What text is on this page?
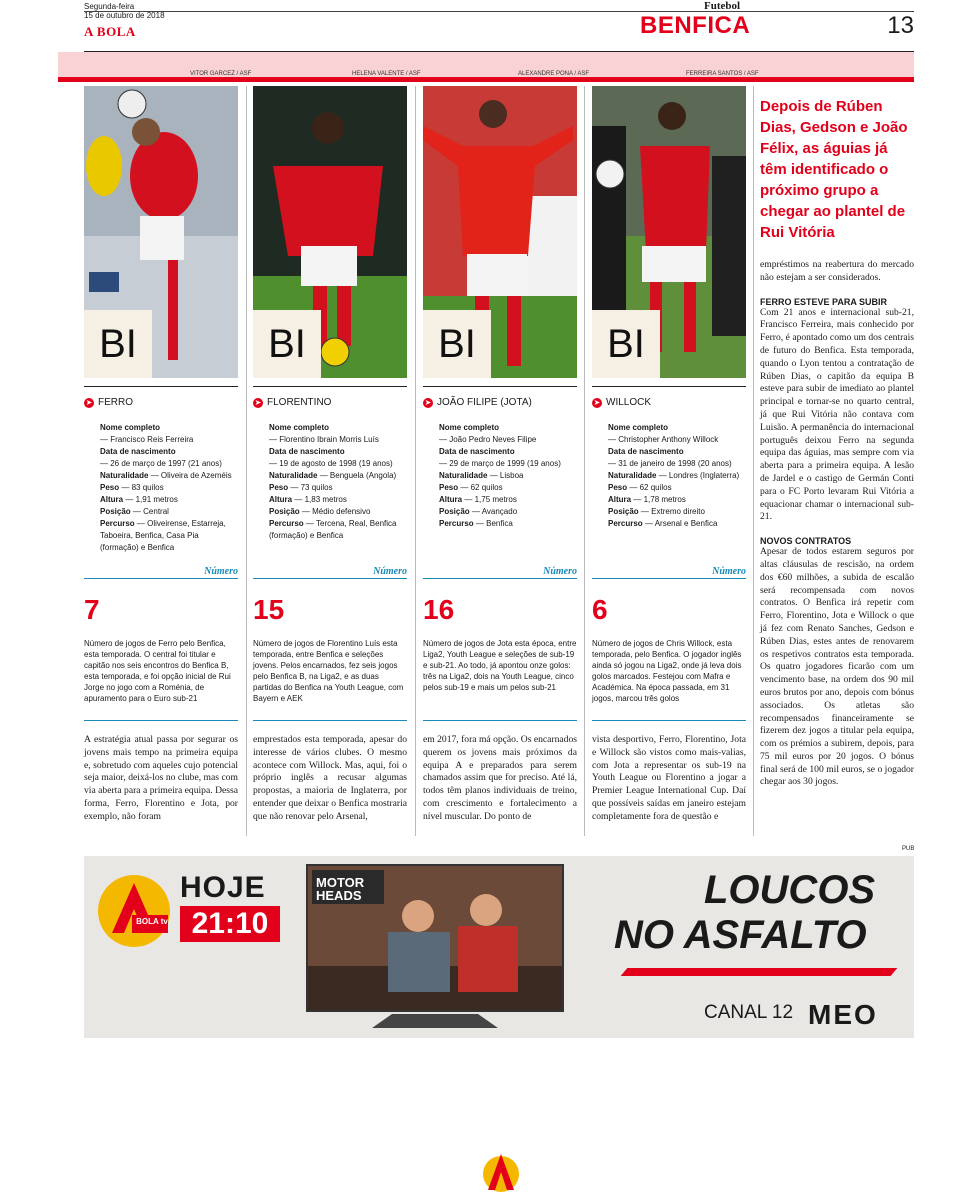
Segunda-feira
15 de outubro de 2018
A BOLA
Futebol
BENFICA	13
VITOR GARCEZ / ASF	HELENA VALENTE / ASF	ALEXANDRE PONA / ASF	FERREIRA SANTOS / ASF
BI
➤ FERRO
Nome completo
— Francisco Reis Ferreira
Data de nascimento
— 26 de março de 1997 (21 anos)
Naturalidade — Oliveira de Azeméis
Peso — 83 quilos
Altura — 1,91 metros
Posição — Central
Percurso — Oliveirense, Estarreja, Taboeira, Benfica, Casa Pia (formação) e Benfica
Número
7
Número de jogos de Ferro pelo Benfica, esta temporada. O central foi titular e capitão nos seis encontros do Benfica B, esta temporada, e foi opção inicial de Rui Jorge no jogo com a Roménia, de apuramento para o Euro sub-21
BI
➤ FLORENTINO
Nome completo
— Florentino Ibrain Morris Luís
Data de nascimento
— 19 de agosto de 1998 (19 anos)
Naturalidade — Benguela (Angola)
Peso — 73 quilos
Altura — 1,83 metros
Posição — Médio defensivo
Percurso — Tercena, Real, Benfica (formação) e Benfica
Número
15
Número de jogos de Florentino Luís esta temporada, entre Benfica e seleções jovens. Pelos encarnados, fez seis jogos pelo Benfica B, na Liga2, e as duas partidas do Benfica na Youth League, com Bayern e AEK
BI
➤ JOÃO FILIPE (JOTA)
Nome completo
— João Pedro Neves Filipe
Data de nascimento
— 29 de março de 1999 (19 anos)
Naturalidade — Lisboa
Peso — 62 quilos
Altura — 1,75 metros
Posição — Avançado
Percurso — Benfica
Número
16
Número de jogos de Jota esta época, entre Liga2, Youth League e seleções de sub-19 e sub-21. Ao todo, já apontou onze golos: três na Liga2, dois na Youth League, cinco pelos sub-19 e mais um pelos sub-21
BI
➤ WILLOCK
Nome completo
— Christopher Anthony Willock
Data de nascimento
— 31 de janeiro de 1998 (20 anos)
Naturalidade — Londres (Inglaterra)
Peso — 62 quilos
Altura — 1,78 metros
Posição — Extremo direito
Percurso — Arsenal e Benfica
Número
6
Número de jogos de Chris Willock, esta temporada, pelo Benfica. O jogador inglês ainda só jogou na Liga2, onde já leva dois golos marcados. Festejou com Mafra e Académica. Na época passada, em 31 jogos, marcou três golos
Depois de Rúben Dias, Gedson e João Félix, as águias já têm identificado o próximo grupo a chegar ao plantel de Rui Vitória
empréstimos na reabertura do mercado não estejam a ser considerados.
FERRO ESTEVE PARA SUBIR
Com 21 anos e internacional sub-21, Francisco Ferreira, mais conhecido por Ferro, é apontado como um dos centrais de futuro do Benfica. Esta temporada, quando o Lyon tentou a contratação de Rúben Dias, o capitão da equipa B esteve para subir de imediato ao plantel principal e tornar-se no quarto central, já que Rui Vitória não contava com Luisão. A permanência do internacional português deixou Ferro na segunda equipa das águias, mas sempre com via aberta para a primeira equipa. A lesão de Jardel e o castigo de Germán Conti para o FC Porto levaram Rui Vitória a equacionar chamar o internacional sub-21.
NOVOS CONTRATOS
Apesar de todos estarem seguros por altas cláusulas de rescisão, na ordem dos €60 milhões, a subida de escalão será recompensada com novos contratos. O Benfica irá repetir com Ferro, Florentino, Jota e Willock o que já fez com Renato Sanches, Gedson e Rúben Dias, estes antes de renovarem os respetivos contratos esta temporada. Os quatro jogadores ficarão com um vencimento base, na ordem dos 90 mil euros brutos por ano, depois com bónus associados. Os atletas são recompensados financeiramente se fizerem dez jogos a titular pela equipa, com os prémios a subirem, depois, para 75 mil euros por 20 jogos. O bónus final será de 100 mil euros, se o jogador chegar aos 30 jogos.
A estratégia atual passa por segurar os jovens mais tempo na primeira equipa e, sobretudo com aqueles cujo potencial seja maior, deixá-los no clube, mas com via aberta para a primeira equipa. Dessa forma, Ferro, Florentino e Jota, por exemplo, não foram
emprestados esta temporada, apesar do interesse de vários clubes. O mesmo acontece com Willock. Mas, aqui, foi o próprio inglês a recusar algumas propostas, a maioria de Inglaterra, por entender que deixar o Benfica mostraria que não renovar pelo Arsenal,
em 2017, fora má opção. Os encarnados querem os jovens mais próximos da equipa A e preparados para serem chamados assim que for preciso. Até lá, todos têm planos individuais de treino, com crescimento e fortalecimento a nível muscular. Do ponto de
vista desportivo, Ferro, Florentino, Jota e Willock são vistos como mais-valias, com Jota a representar os sub-19 na Youth League ou Florentino a jogar a Premier League International Cup. Daí que possíveis saídas em janeiro estejam completamente fora de questão e
PUB
BOLA tv
HOJE
21:10
MOTOR HEADS	LOUCOS
NO ASFALTO
CANAL 12 MEO
